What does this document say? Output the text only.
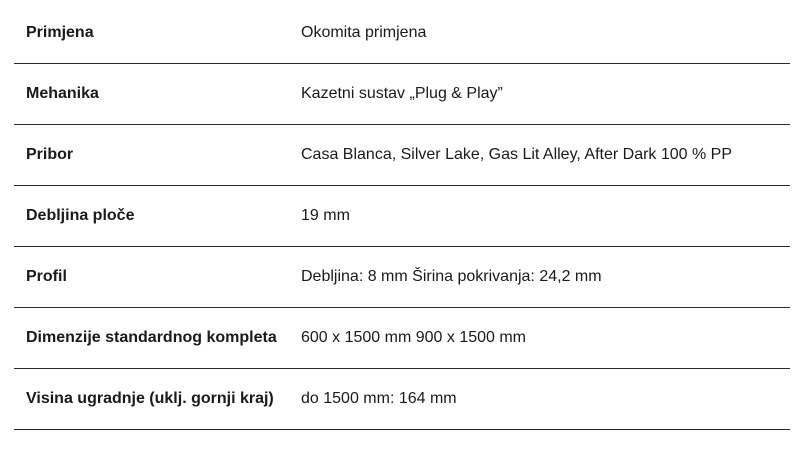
Primjena	Okomita primjena
Mehanika	Kazetni sustav „Plug & Play”
Pribor	Casa Blanca, Silver Lake, Gas Lit Alley, After Dark 100 % PP
Debljina ploče	19 mm
Profil	Debljina: 8 mm Širina pokrivanja: 24,2 mm
Dimenzije standardnog kompleta	600 x 1500 mm 900 x 1500 mm
Visina ugradnje (uklj. gornji kraj)	do 1500 mm: 164 mm
